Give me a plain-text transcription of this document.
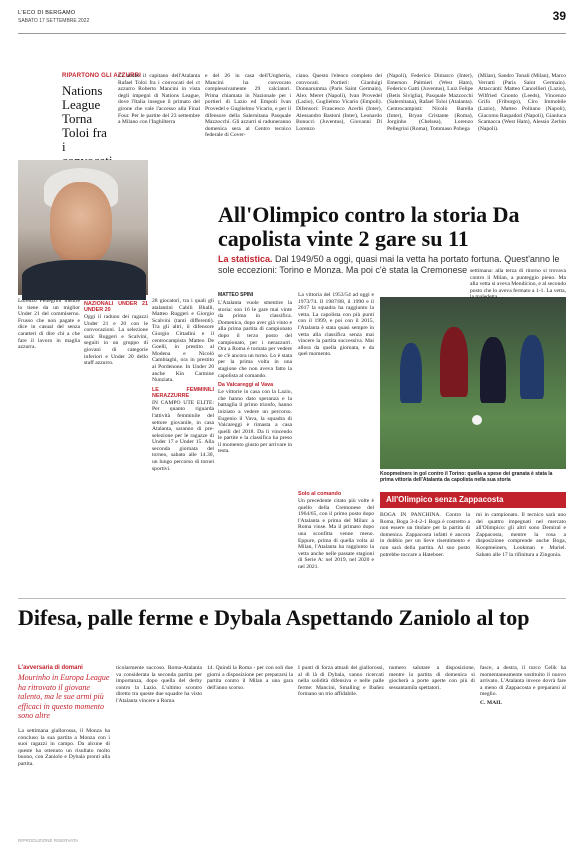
L'ECO DI BERGAMO
SABATO 17 SETTEMBRE 2022	39
RIPARTONO GLI AZZURRI
Nations League Torna Toloi fra i
Ci anche il capitano dell'Atalanta Rafael Toloi fra i convocati del ct azzurro Roberto Mancini in vista degli impegni di Nations League, dove l'Italia insegue il primato del girone che vale l'accesso alla Final Four. Per le partite del 23 settembre a Milano con l'Inghilterra
e del 26 in casa dell'Ungheria, Mancini ha convocato complessivamente 29 calciatori. Prima chiamata in Nazionale per i portieri di Lazio ed Empoli Ivan Provedel e Guglielmo Vicario, e per il difensore della Salernitana Pasquale Mazzocchi. Gli azzurri si raduneranno domenica sera al Centro tecnico federale di Cover-
ciano. Questo l'elenco completo dei convocati. Portieri: Gianluigi Donnarumma (Paris Saint Germain), Alex Meret (Napoli), Ivan Provedel (Lazio), Guglielmo Vicario (Empoli). Difensori: Francesco Acerbi (Inter), Alessandro Bastoni (Inter), Leonardo Bonucci (Juventus), Giovanni Di Lorenzo
(Napoli), Federico Dimarco (Inter), Emerson Palmieri (West Ham), Federico Gatti (Juventus), Luiz Felipe (Betis Siviglia), Pasquale Mazzocchi (Salernitana), Rafael Toloi (Atalanta). Centrocampisti: Nicolò Barella (Inter), Bryan Cristante (Roma), Jorginho (Chelsea), Lorenzo Pellegrini (Roma), Tommaso Pobega
(Milan), Sandro Tonali (Milan), Marco Verratti (Paris Saint Germain). Attaccanti: Matteo Cancellieri (Lazio), Wilfried Gnonto (Leeds), Vincenzo Grifo (Friburgo), Ciro Immobile (Lazio), Matteo Politano (Napoli), Giacomo Raspadori (Napoli), Gianluca Scamacca (West Ham), Alessio Zerbin (Napoli).
Lorenzo Pellegrini mentre lo tiene da un miglior Under 21 del commiserno. Frusso che non pagate e dice in casual del senza caratteri di dire chi a che fare il lavoro in maglia azzurra.
NAZIONALI UNDER 21 UNDER 20
Oggi il raduno dei ragazzi Under 21 e 20 con le convocazioni. La selezione sarà: Ruggeri e Scalvini, seguiti in un gruppo di giovani di categorie inferiori e Under 20 dello staff azzurro.
28 giocatori, tra i quali gli atalantini Cabili Bhalli, Matteo Ruggeri e Giorgio Scalvini (tanti differenti). Tra gli altri, il difensore Giorgio Cittadini e il centrocampista Matteo De Goelli, in prestito al Modena e Nicolò Cambiaghi, ora in prestito al Pordenone. In Under 20 anche Kin Carmine Nunziata.
LE FEMMINILI NERAZZURRE
IN CAMPO UTE ELITE: Per quanto riguarda l'attività femminile del settore giovanile, in casa Atalanta, saranno di pre-selezione per le ragazze di Under 17 e Under 15. Alla seconda giornata del torneo, sabato alle 14.30, un lungo percorso di tornei sportivi.
All'Olimpico contro la storia Da capolista vinte 2 gare su 11
La statistica. Dal 1949/50 a oggi, quasi mai la vetta ha portato fortuna. Quest'anno le sole eccezioni: Torino e Monza. Ma poi c'è stata la Cremonese
MATTEO SPINI

L'Atalanta vuole smentire la storia: son 16 le gare mai vinte da prima in classifica. Domenica, dopo aver già vinto e alla prima partita di campionato dopo il terzo posto del campionato, per i nerazzurri. Ora a Roma è tornata per vedere se c'è ancora un turno. Lo è stata per la prima volta in una stagione che non aveva fatto la capolista al comando.

Da Valcareggi al Vava

Le vittorie in casa con la Lazio, che hanno dato speranza e la battaglia il primo trionfo, hanno iniziato a vedere un percorso. Eugenio il Vava, la squadra di Valcareggi è rimasta a casa quelli del 2018. Da lì vincendo le partite e la classifica ha preso il momento giusto per arrivare in testa.

La vittoria del 1953/54 ad oggi e 1973/74. Il 1987/88, il 1990 e il 2017 la squadra ha raggiunto la vetta. La capolista con più punti con il 1999, e poi con il 2015, l'Atalanta è stata quasi sempre in vetta alla classifica senza mai vincere la partita successiva. Mai allora da quella giornata, e da quel momento.
Koopmeiners in gol contro il Torino: quella a spese dei granata è stata la prima vittoria dell'Atalanta da capolista nella sua storia
settimana: alla terza di ritorno si trovava contro il Milan, a punteggio pieno. Ma alla vetta si aveva Mendicino, e al secondo posto che lo aveva fermato a 1-1. La vetta, la maledetta.
All'Olimpico senza Zappacosta
BOGA IN PANCHINA. Contro la Roma, Boga 3-4-2-1 Boga è costretto a non essere un titolare per la partita di domenica. Zappacosta infatti è ancora in dubbio per un lieve risentimento e non sarà della partita. Al suo posto potrebbe toccare a Hateboer.
mi in campionato. Il tecnico sarà uno dei quattro impegnati nel mercato all'Olimpico: gli altri sono Demiral e Zappacosta, mentre la rosa a disposizione comprende anche Boga, Koopmeiners, Lookman e Muriel. Sabato alle 17 la rifinitura a Zingonia.
Solo al comando

Un precedente citato più volte è quello della Cremonese del 1964/65, con il primo posto dopo l'Atalanta e prima del Milan: a Roma vinse. Ma il primato dopo una sconfitta venne meno. Eppure, prima di quella volta al Milan, l'Atalanta ha raggiunto la vetta anche nelle passate stagioni di Serie A: nel 2019, nel 2020 e nel 2021.

Difesa, palle ferme e Dybala Aspettando Zaniolo al top
L'avversaria di domani
Mourinho in Europa League ha ritrovato il giovane talento, ma le sue armi più efficaci in questo momento sono altre
La settimana giallorossa, il Monza ha concluso la sua partita a Monza con i suoi ragazzi in campo. Da alcune di queste ha ottenuto un risultato molto buono, con Zaniolo e Dybala pronti alla partita.
ticolarmente succoso. Roma-Atalanta va considerata la seconda partita per importanza, dopo quella del derby contro la Lazio. L'ultimo scontro diretto tra queste due squadre ha visto l'Atalanta vincere a Roma.
14. Quindi la Roma - per con soli due giorni a disposizione per prepararsi la partita contro il Milan a una gara dell'anno scorso.
I punti di forza attuali dei giallorossi, al di là di Dybala, vanno ricercati nella solidità difensiva e nelle palle ferme: Mancini, Smalling e Ibañez formano un trio affidabile.
numero salutare a disposizione, mentre la partita di domenica si giocherà a porte aperte con più di sessantamila spettatori.

fasce, a destra, il turco Celik ha momentaneamente sostituito il nuovo arrivato. L'Atalanta invece dovrà fare a meno di Zappacosta e prepararsi al meglio.

C. MAIL

RIPRODUZIONE RISERVATA
